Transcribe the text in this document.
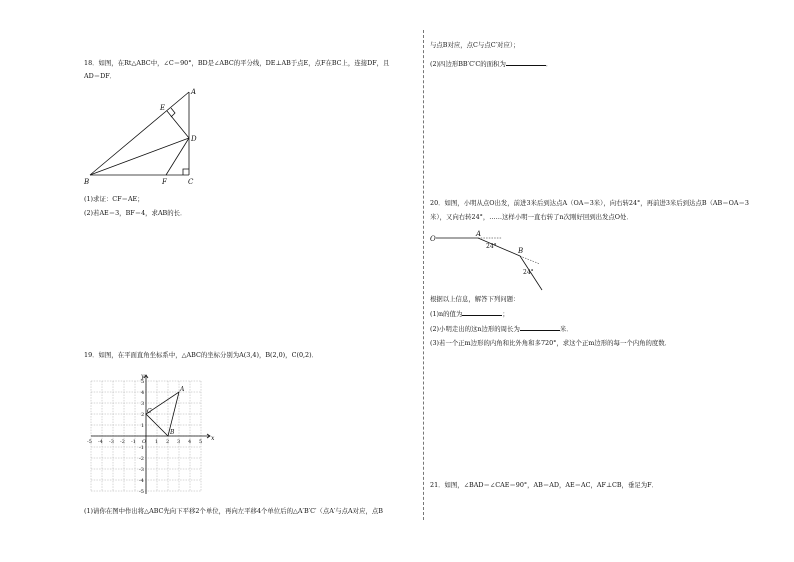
18．如图，在Rt△ABC中，∠C＝90°，BD是∠ABC的平分线，DE⊥AB于点E，点F在BC上，连接DF，且
AD＝DF．
A
B	C
D
E
F
(1)求证：CF＝AE；
(2)若AE＝3，BF＝4，求AB的长．
19．如图，在平面直角坐标系中，△ABC的坐标分别为A(3,4)，B(2,0)，C(0,2)．
-5 -4 -3 -2 -1 O 1 2 3 4 5
5
4
3
2
1
-1
-2
-3
-4
-5
x
y
A
B
C
(1)请你在图中作出将△ABC先向下平移2个单位，再向左平移4个单位后的△A′B′C′（点A′与点A对应，点B
与点B对应，点C与点C′对应）；
(2)四边形BB′C′C的面积为	．
20．如图，小明从点O出发，前进3米后到达点A（OA＝3米），向右转24°，再前进3米后到达点B（AB＝OA＝3
米），又向右转24°，……这样小明一直右转了n次刚好回到出发点O处．
O
A
B
24°
24°
根据以上信息，解答下列问题：
(1)n的值为	；
(2)小明走出的这n边形的周长为	米．
(3)若一个正m边形的内角和比外角和多720°，求这个正m边形的每一个内角的度数．
21．如图，∠BAD＝∠CAE＝90°，AB＝AD，AE＝AC，AF⊥CB，垂足为F．
